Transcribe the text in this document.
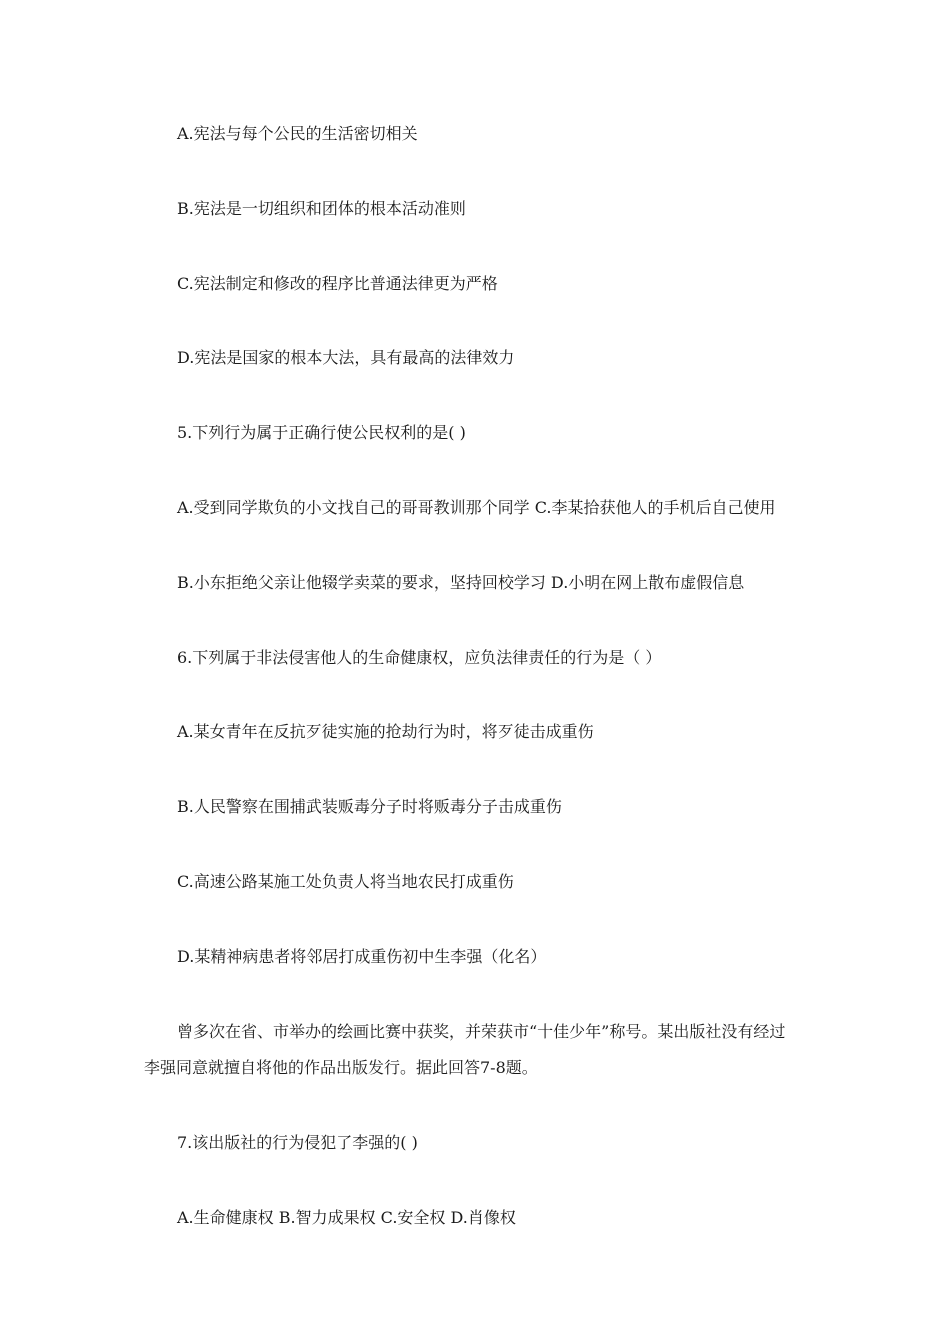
A.宪法与每个公民的生活密切相关
B.宪法是一切组织和团体的根本活动准则
C.宪法制定和修改的程序比普通法律更为严格
D.宪法是国家的根本大法，具有最高的法律效力
5.下列行为属于正确行使公民权利的是( )
A.受到同学欺负的小文找自己的哥哥教训那个同学 C.李某拾获他人的手机后自己使用
B.小东拒绝父亲让他辍学卖菜的要求，坚持回校学习 D.小明在网上散布虚假信息
6.下列属于非法侵害他人的生命健康权，应负法律责任的行为是（ ）
A.某女青年在反抗歹徒实施的抢劫行为时，将歹徒击成重伤
B.人民警察在围捕武装贩毒分子时将贩毒分子击成重伤
C.高速公路某施工处负责人将当地农民打成重伤
D.某精神病患者将邻居打成重伤初中生李强（化名）
曾多次在省、市举办的绘画比赛中获奖，并荣获市“十佳少年”称号。某出版社没有经过
李强同意就擅自将他的作品出版发行。据此回答7-8题。
7.该出版社的行为侵犯了李强的( )
A.生命健康权 B.智力成果权 C.安全权 D.肖像权
